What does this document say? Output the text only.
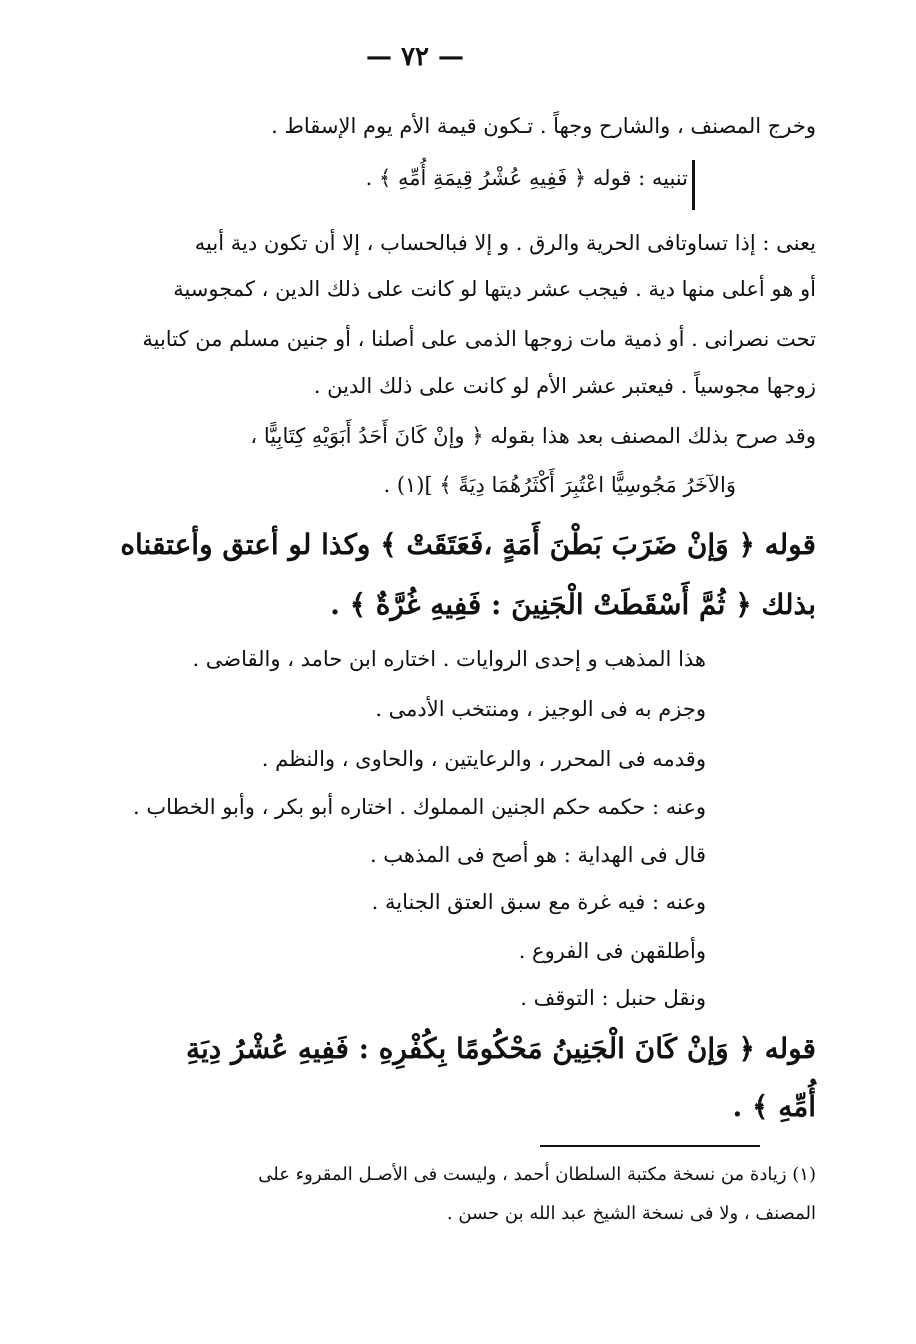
— ٧٢ —
وخرج المصنف ، والشارح وجهاً . تـكون قيمة الأم يوم الإسقاط .
تنبيه : قوله ﴿ فَفِيهِ عُشْرُ قِيمَةِ أُمِّهِ ﴾ .
يعنى : إذا تساوتافى الحرية والرق . و إلا فبالحساب ، إلا أن تكون دية أبيه
أو هو أعلى منها دية . فيجب عشر ديتها لو كانت على ذلك الدين ، كمجوسية
تحت نصرانى . أو ذمية مات زوجها الذمى على أصلنا ، أو جنين مسلم من كتابية
زوجها مجوسياً . فيعتبر عشر الأم لو كانت على ذلك الدين .
وقد صرح بذلك المصنف بعد هذا بقوله ﴿ وإنْ كَانَ أَحَدُ أَبَوَيْهِ كِتَابِيًّا ،
وَالآخَرُ مَجُوسِيًّا اعْتُبِرَ أَكْثَرُهُمَا دِيَةً ﴾ ](١) .
قوله ﴿ وَإنْ ضَرَبَ بَطْنَ أَمَةٍ ،فَعَتَقَتْ ﴾ وكذا لو أعتق وأعتقناه
بذلك ﴿ ثُمَّ أَسْقَطَتْ الْجَنِينَ : فَفِيهِ غُرَّةٌ ﴾ .
هذا المذهب و إحدى الروايات . اختاره ابن حامد ، والقاضى .
وجزم به فى الوجيز ، ومنتخب الأدمى .
وقدمه فى المحرر ، والرعايتين ، والحاوى ، والنظم .
وعنه : حكمه حكم الجنين المملوك . اختاره أبو بكر ، وأبو الخطاب .
قال فى الهداية : هو أصح فى المذهب .
وعنه : فيه غرة مع سبق العتق الجناية .
وأطلقهن فى الفروع .
ونقل حنبل : التوقف .
قوله ﴿ وَإنْ كَانَ الْجَنِينُ مَحْكُومًا بِكُفْرِهِ : فَفِيهِ عُشْرُ دِيَةِ
أُمِّهِ ﴾ .
(١) زيادة من نسخة مكتبة السلطان أحمد ، وليست فى الأصـل المقروء على
المصنف ، ولا فى نسخة الشيخ عبد الله بن حسن .
